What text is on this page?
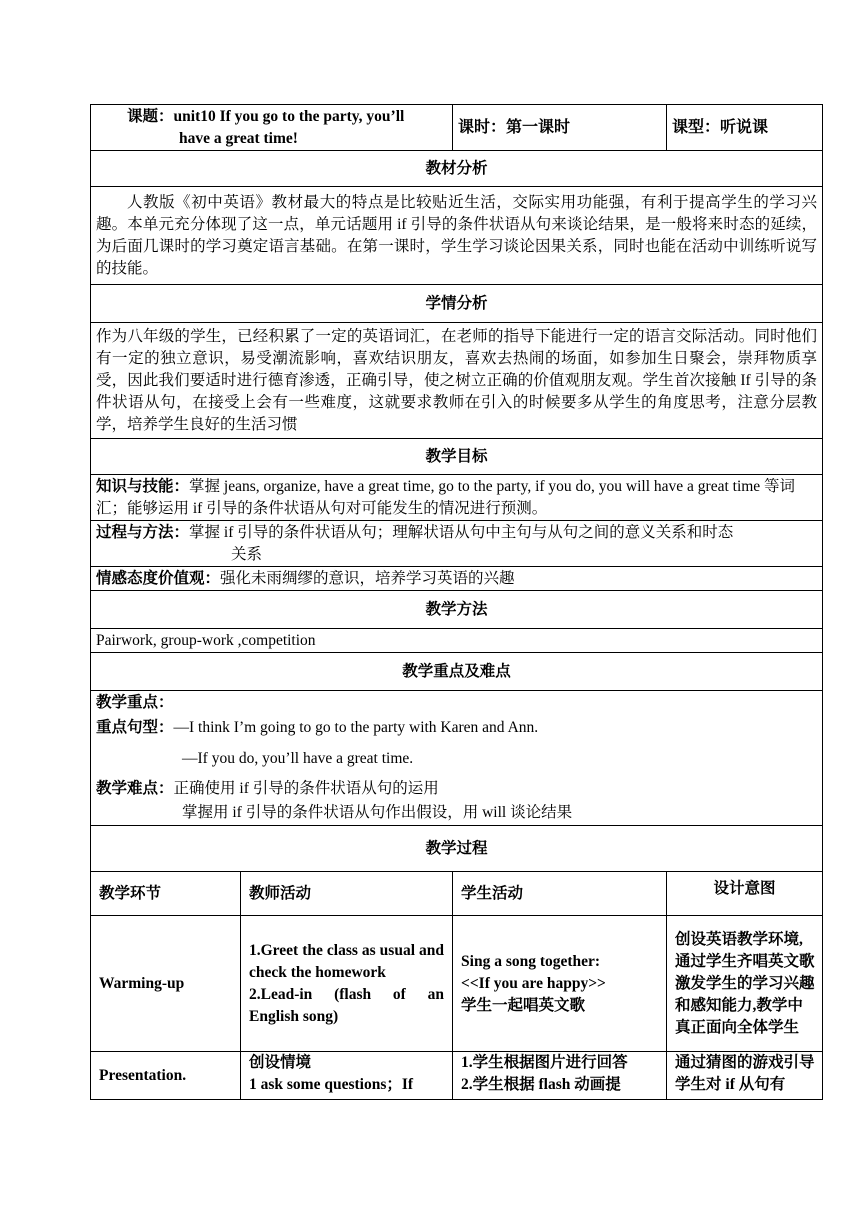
课题：unit10 If you go to the party, you’ll
have a great time!		课时：第一课时	课型：听说课
教材分析			
人教版《初中英语》教材最大的特点是比较贴近生活，交际实用功能强，有利于提高学生的学习兴趣。本单元充分体现了这一点，单元话题用 if 引导的条件状语从句来谈论结果，是一般将来时态的延续，为后面几课时的学习奠定语言基础。在第一课时，学生学习谈论因果关系，同时也能在活动中训练听说写的技能。			
学情分析			
作为八年级的学生，已经积累了一定的英语词汇，在老师的指导下能进行一定的语言交际活动。同时他们有一定的独立意识，易受潮流影响，喜欢结识朋友，喜欢去热闹的场面，如参加生日聚会，崇拜物质享受，因此我们要适时进行德育渗透，正确引导，使之树立正确的价值观朋友观。学生首次接触 If 引导的条件状语从句，在接受上会有一些难度，这就要求教师在引入的时候要多从学生的角度思考，注意分层教学，培养学生良好的生活习惯			
教学目标			
知识与技能：掌握 jeans, organize, have a great time, go to the party, if you do, you will have a great time 等词汇；能够运用 if 引导的条件状语从句对可能发生的情况进行预测。			
过程与方法：掌握 if 引导的条件状语从句；理解状语从句中主句与从句之间的意义关系和时态
关系			

情感态度价值观：强化未雨绸缪的意识，培养学习英语的兴趣			
教学方法			
Pairwork, group-work ,competition			
教学重点及难点			

教学重点：
重点句型：—I think I’m going to go to the party with Karen and Ann.
—If you do, you’ll have a great time.
教学难点：正确使用 if 引导的条件状语从句的运用
掌握用 if 引导的条件状语从句作出假设，用 will 谈论结果			

教学过程			
教学环节	教师活动	学生活动	设计意图
Warming-up	1.Greet the class as usual and check the homework
2.Lead-in (flash of an English song)	Sing a song together:
<<If you are happy>>
学生一起唱英文歌	创设英语教学环境,通过学生齐唱英文歌激发学生的学习兴趣和感知能力,教学中真正面向全体学生
Presentation.	创设情境
1 ask some questions；If	1.学生根据图片进行回答
2.学生根据 flash 动画提	通过猜图的游戏引导学生对 if 从句有
